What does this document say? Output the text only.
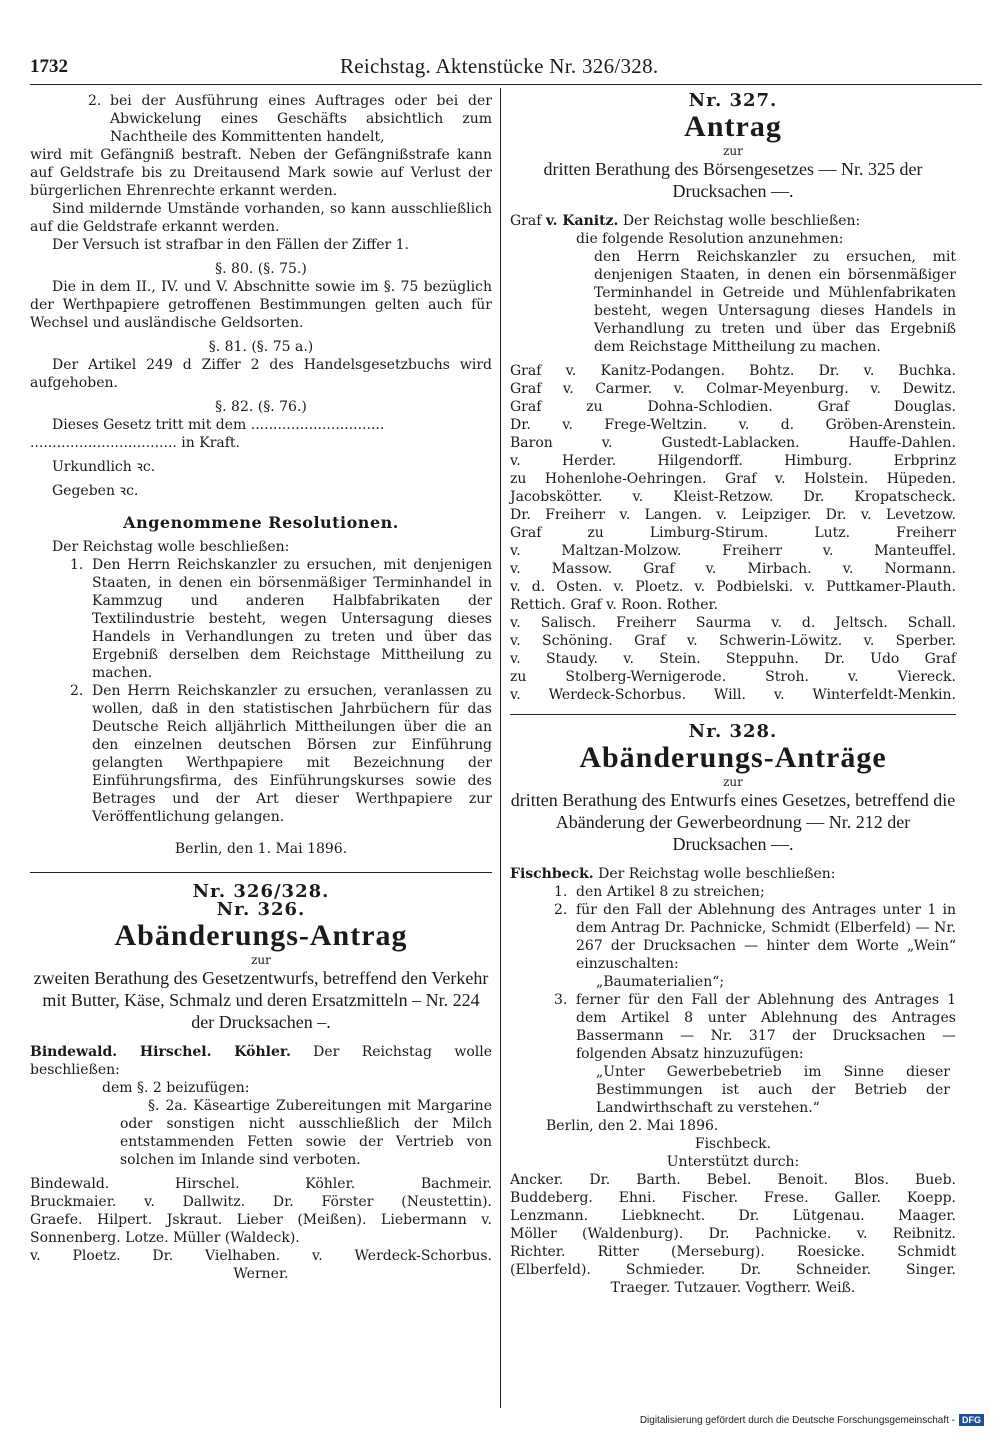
1732	Reichstag. Aktenstücke Nr. 326/328.
2. bei der Ausführung eines Auftrages oder bei der Abwickelung eines Geschäfts absichtlich zum Nachtheile des Kommittenten handelt,

wird mit Gefängniß bestraft. Neben der Gefängnißstrafe kann auf Geldstrafe bis zu Dreitausend Mark sowie auf Verlust der bürgerlichen Ehrenrechte erkannt werden.

Sind mildernde Umstände vorhanden, so kann ausschließlich auf die Geldstrafe erkannt werden.

Der Versuch ist strafbar in den Fällen der Ziffer 1.

§. 80. (§. 75.)

Die in dem II., IV. und V. Abschnitte sowie im §. 75 bezüglich der Werthpapiere getroffenen Bestimmungen gelten auch für Wechsel und ausländische Geldsorten.

§. 81. (§. 75 a.)

Der Artikel 249 d Ziffer 2 des Handelsgesetzbuchs wird aufgehoben.

§. 82. (§. 76.)

Dieses Gesetz tritt mit dem ..............................

................................. in Kraft.

Urkundlich ꝛc.

Gegeben ꝛc.

Angenommene Resolutionen.

Der Reichstag wolle beschließen:

1. Den Herrn Reichskanzler zu ersuchen, mit denjenigen Staaten, in denen ein börsenmäßiger Terminhandel in Kammzug und anderen Halbfabrikaten der Textilindustrie besteht, wegen Untersagung dieses Handels in Verhandlungen zu treten und über das Ergebniß derselben dem Reichstage Mittheilung zu machen.
2. Den Herrn Reichskanzler zu ersuchen, veranlassen zu wollen, daß in den statistischen Jahrbüchern für das Deutsche Reich alljährlich Mittheilungen über die an den einzelnen deutschen Börsen zur Einführung gelangten Werthpapiere mit Bezeichnung der Einführungsfirma, des Einführungskurses sowie des Betrages und der Art dieser Werthpapiere zur Veröffentlichung gelangen.

Berlin, den 1. Mai 1896.

Nr. 326/328.
Nr. 326.
Abänderungs-Antrag
zur
zweiten Berathung des Gesetzentwurfs, betreffend den Verkehr mit Butter, Käse, Schmalz und deren Ersatzmitteln – Nr. 224 der Drucksachen –.

Bindewald. Hirschel. Köhler. Der Reichstag wolle beschließen:

dem §. 2 beizufügen:

§. 2a. Käseartige Zubereitungen mit Margarine oder sonstigen nicht ausschließlich der Milch entstammenden Fetten sowie der Vertrieb von solchen im Inlande sind verboten.

Bindewald. Hirschel. Köhler. Bachmeir.

Bruckmaier. v. Dallwitz. Dr. Förster (Neustettin).

Graefe. Hilpert. Jskraut. Lieber (Meißen). Liebermann v. Sonnenberg. Lotze. Müller (Waldeck).

v. Ploetz. Dr. Vielhaben. v. Werdeck-Schorbus.

Werner.

Nr. 327.
Antrag
zur
dritten Berathung des Börsengesetzes — Nr. 325 der Drucksachen —.

Graf v. Kanitz. Der Reichstag wolle beschließen:

die folgende Resolution anzunehmen:

den Herrn Reichskanzler zu ersuchen, mit denjenigen Staaten, in denen ein börsenmäßiger Terminhandel in Getreide und Mühlenfabrikaten besteht, wegen Untersagung dieses Handels in Verhandlung zu treten und über das Ergebniß dem Reichstage Mittheilung zu machen.

Graf v. Kanitz-Podangen. Bohtz. Dr. v. Buchka.

Graf v. Carmer. v. Colmar-Meyenburg. v. Dewitz.

Graf zu Dohna-Schlodien. Graf Douglas.

Dr. v. Frege-Weltzin. v. d. Gröben-Arenstein.

Baron v. Gustedt-Lablacken. Hauffe-Dahlen.

v. Herder. Hilgendorff. Himburg. Erbprinz

zu Hohenlohe-Oehringen. Graf v. Holstein. Hüpeden.

Jacobskötter. v. Kleist-Retzow. Dr. Kropatscheck.

Dr. Freiherr v. Langen. v. Leipziger. Dr. v. Levetzow.

Graf zu Limburg-Stirum. Lutz. Freiherr

v. Maltzan-Molzow. Freiherr v. Manteuffel.

v. Massow. Graf v. Mirbach. v. Normann.

v. d. Osten. v. Ploetz. v. Podbielski. v. Puttkamer-Plauth. Rettich. Graf v. Roon. Rother.

v. Salisch. Freiherr Saurma v. d. Jeltsch. Schall.

v. Schöning. Graf v. Schwerin-Löwitz. v. Sperber.

v. Staudy. v. Stein. Steppuhn. Dr. Udo Graf

zu Stolberg-Wernigerode. Stroh. v. Viereck.

v. Werdeck-Schorbus. Will. v. Winterfeldt-Menkin.

Nr. 328.
Abänderungs-Anträge
zur
dritten Berathung des Entwurfs eines Gesetzes, betreffend die Abänderung der Gewerbeordnung — Nr. 212 der Drucksachen —.

Fischbeck. Der Reichstag wolle beschließen:

1. den Artikel 8 zu streichen;
2. für den Fall der Ablehnung des Antrages unter 1 in dem Antrag Dr. Pachnicke, Schmidt (Elberfeld) — Nr. 267 der Drucksachen — hinter dem Worte „Wein“ einzuschalten:

„Baumaterialien“;

3. ferner für den Fall der Ablehnung des Antrages 1 dem Artikel 8 unter Ablehnung des Antrages Bassermann — Nr. 317 der Drucksachen — folgenden Absatz hinzuzufügen:

„Unter Gewerbebetrieb im Sinne dieser Bestimmungen ist auch der Betrieb der Landwirthschaft zu verstehen.“

Berlin, den 2. Mai 1896.

Fischbeck.

Unterstützt durch:

Ancker. Dr. Barth. Bebel. Benoit. Blos. Bueb.

Buddeberg. Ehni. Fischer. Frese. Galler. Koepp.

Lenzmann. Liebknecht. Dr. Lütgenau. Maager.

Möller (Waldenburg). Dr. Pachnicke. v. Reibnitz.

Richter. Ritter (Merseburg). Roesicke. Schmidt

(Elberfeld). Schmieder. Dr. Schneider. Singer.

Traeger. Tutzauer. Vogtherr. Weiß.

Digitalisierung gefördert durch die Deutsche Forschungsgemeinschaft - DFG
